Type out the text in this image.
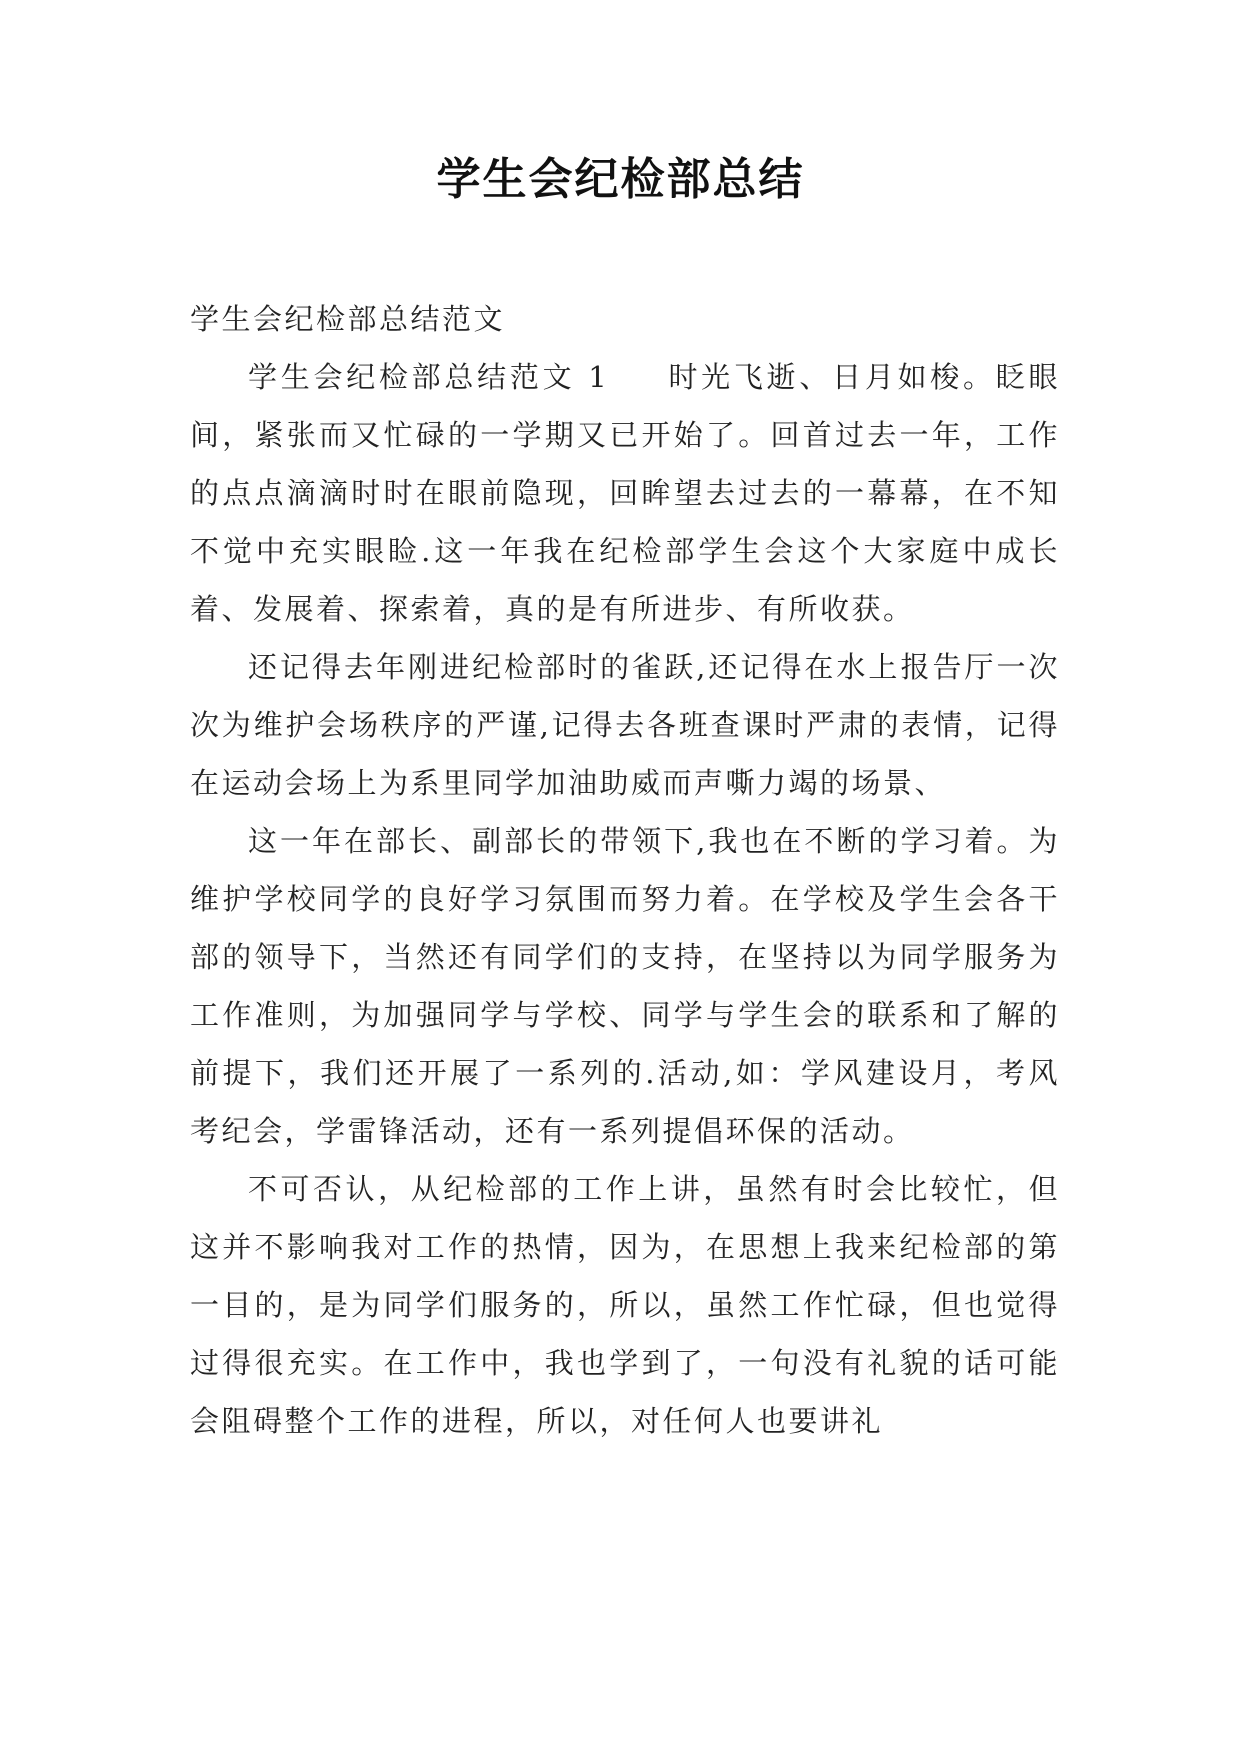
学生会纪检部总结

学生会纪检部总结范文

学生会纪检部总结范文 1 时光飞逝、日月如梭。眨眼间，紧张而又忙碌的一学期又已开始了。回首过去一年，工作的点点滴滴时时在眼前隐现，回眸望去过去的一幕幕，在不知不觉中充实眼睑.这一年我在纪检部学生会这个大家庭中成长着、发展着、探索着，真的是有所进步、有所收获。

还记得去年刚进纪检部时的雀跃,还记得在水上报告厅一次次为维护会场秩序的严谨,记得去各班查课时严肃的表情，记得在运动会场上为系里同学加油助威而声嘶力竭的场景、

这一年在部长、副部长的带领下,我也在不断的学习着。为维护学校同学的良好学习氛围而努力着。在学校及学生会各干部的领导下，当然还有同学们的支持，在坚持以为同学服务为工作准则，为加强同学与学校、同学与学生会的联系和了解的前提下，我们还开展了一系列的.活动,如：学风建设月，考风考纪会，学雷锋活动，还有一系列提倡环保的活动。

不可否认，从纪检部的工作上讲，虽然有时会比较忙，但这并不影响我对工作的热情，因为，在思想上我来纪检部的第一目的，是为同学们服务的，所以，虽然工作忙碌，但也觉得过得很充实。在工作中，我也学到了，一句没有礼貌的话可能会阻碍整个工作的进程，所以，对任何人也要讲礼
